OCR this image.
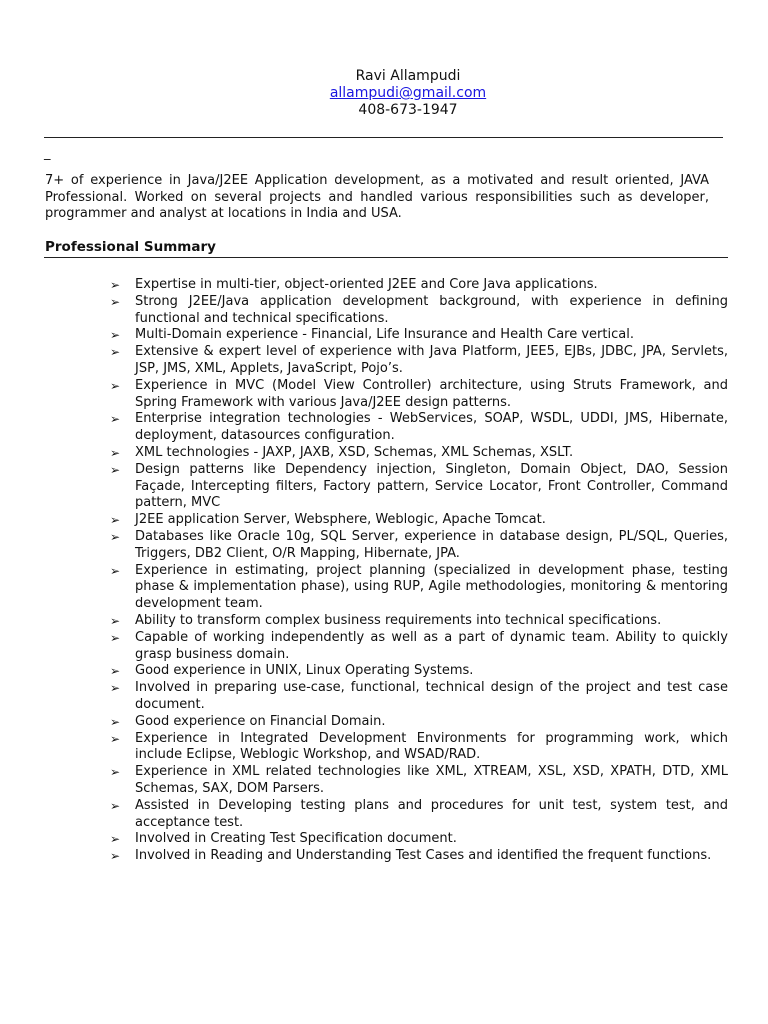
Ravi Allampudi
allampudi@gmail.com
408-673-1947
_
7+ of experience in Java/J2EE Application development, as a motivated and result oriented, JAVA Professional. Worked on several projects and handled various responsibilities such as developer, programmer and analyst at locations in India and USA.
Professional Summary
➢ Expertise in multi-tier, object-oriented J2EE and Core Java applications.
➢ Strong J2EE/Java application development background, with experience in defining functional and technical specifications.
➢ Multi-Domain experience - Financial, Life Insurance and Health Care vertical.
➢ Extensive & expert level of experience with Java Platform, JEE5, EJBs, JDBC, JPA, Servlets, JSP, JMS, XML, Applets, JavaScript, Pojo’s.
➢ Experience in MVC (Model View Controller) architecture, using Struts Framework, and Spring Framework with various Java/J2EE design patterns.
➢ Enterprise integration technologies - WebServices, SOAP, WSDL, UDDI, JMS, Hibernate, deployment, datasources configuration.
➢ XML technologies - JAXP, JAXB, XSD, Schemas, XML Schemas, XSLT.
➢ Design patterns like Dependency injection, Singleton, Domain Object, DAO, Session Façade, Intercepting filters, Factory pattern, Service Locator, Front Controller, Command pattern, MVC
➢ J2EE application Server, Websphere, Weblogic, Apache Tomcat.
➢ Databases like Oracle 10g, SQL Server, experience in database design, PL/SQL, Queries, Triggers, DB2 Client, O/R Mapping, Hibernate, JPA.
➢ Experience in estimating, project planning (specialized in development phase, testing phase & implementation phase), using RUP, Agile methodologies, monitoring & mentoring development team.
➢ Ability to transform complex business requirements into technical specifications.
➢ Capable of working independently as well as a part of dynamic team. Ability to quickly grasp business domain.
➢ Good experience in UNIX, Linux Operating Systems.
➢ Involved in preparing use-case, functional, technical design of the project and test case document.
➢ Good experience on Financial Domain.
➢ Experience in Integrated Development Environments for programming work, which include Eclipse, Weblogic Workshop, and WSAD/RAD.
➢ Experience in XML related technologies like XML, XTREAM, XSL, XSD, XPATH, DTD, XML Schemas, SAX, DOM Parsers.
➢ Assisted in Developing testing plans and procedures for unit test, system test, and acceptance test.
➢ Involved in Creating Test Specification document.
➢ Involved in Reading and Understanding Test Cases and identified the frequent functions.
